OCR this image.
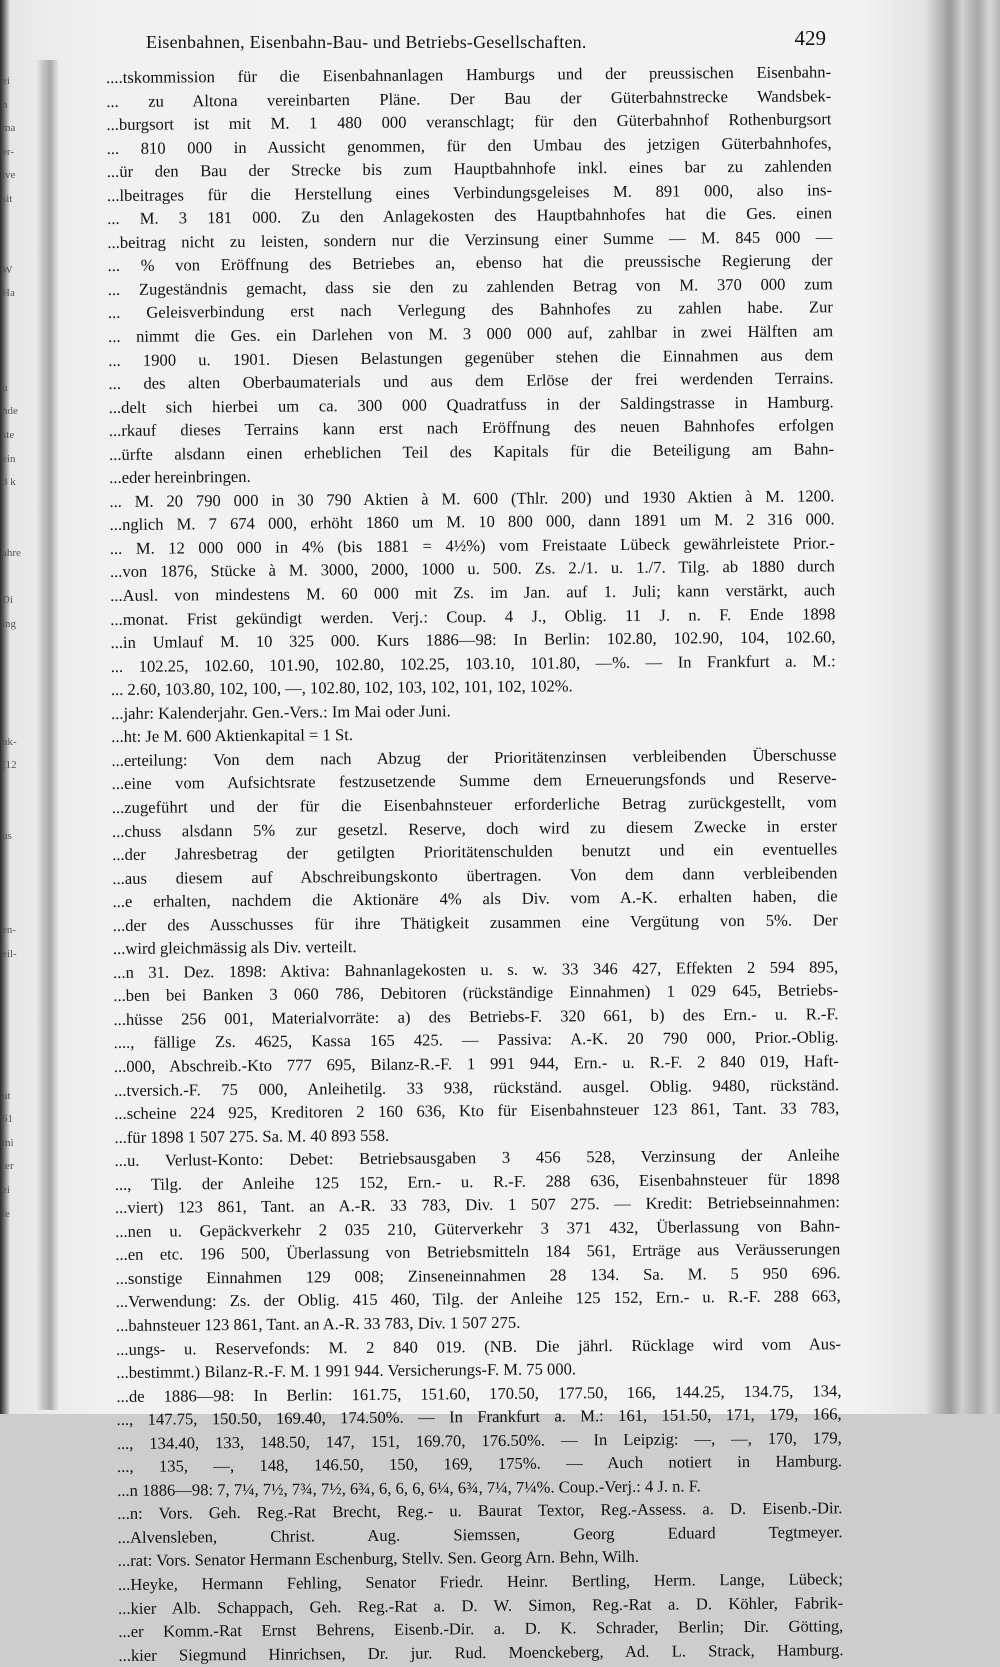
ei
n
ma
er-
lve
sit

W
Ha

u
nde
ste
ein
3 k

ahre

Di
ing

nk-
(12

us

en-
eil-

ut
61
mi
ter
ei
ie

Eisenbahnen, Eisenbahn-Bau- und Betriebs-Gesellschaften.	429
....tskommission für die Eisenbahnanlagen Hamburgs und der preussischen Eisenbahn-
... zu Altona vereinbarten Pläne. Der Bau der Güterbahnstrecke Wandsbek-
...burgsort ist mit M. 1 480 000 veranschlagt; für den Güterbahnhof Rothenburgsort
... 810 000 in Aussicht genommen, für den Umbau des jetzigen Güterbahnhofes,
...ür den Bau der Strecke bis zum Hauptbahnhofe inkl. eines bar zu zahlenden
...lbeitrages für die Herstellung eines Verbindungsgeleises M. 891 000, also ins-
... M. 3 181 000. Zu den Anlagekosten des Hauptbahnhofes hat die Ges. einen
...beitrag nicht zu leisten, sondern nur die Verzinsung einer Summe — M. 845 000 —
... % von Eröffnung des Betriebes an, ebenso hat die preussische Regierung der
... Zugeständnis gemacht, dass sie den zu zahlenden Betrag von M. 370 000 zum
... Geleisverbindung erst nach Verlegung des Bahnhofes zu zahlen habe. Zur
... nimmt die Ges. ein Darlehen von M. 3 000 000 auf, zahlbar in zwei Hälften am
... 1900 u. 1901. Diesen Belastungen gegenüber stehen die Einnahmen aus dem
... des alten Oberbaumaterials und aus dem Erlöse der frei werdenden Terrains.
...delt sich hierbei um ca. 300 000 Quadratfuss in der Saldingstrasse in Hamburg.
...rkauf dieses Terrains kann erst nach Eröffnung des neuen Bahnhofes erfolgen
...ürfte alsdann einen erheblichen Teil des Kapitals für die Beteiligung am Bahn-
...eder hereinbringen.
... M. 20 790 000 in 30 790 Aktien à M. 600 (Thlr. 200) und 1930 Aktien à M. 1200.
...nglich M. 7 674 000, erhöht 1860 um M. 10 800 000, dann 1891 um M. 2 316 000.
... M. 12 000 000 in 4% (bis 1881 = 4½%) vom Freistaate Lübeck gewährleistete Prior.-
...von 1876, Stücke à M. 3000, 2000, 1000 u. 500. Zs. 2./1. u. 1./7. Tilg. ab 1880 durch
...Ausl. von mindestens M. 60 000 mit Zs. im Jan. auf 1. Juli; kann verstärkt, auch
...monat. Frist gekündigt werden. Verj.: Coup. 4 J., Oblig. 11 J. n. F. Ende 1898
...in Umlauf M. 10 325 000. Kurs 1886—98: In Berlin: 102.80, 102.90, 104, 102.60,
... 102.25, 102.60, 101.90, 102.80, 102.25, 103.10, 101.80, —%. — In Frankfurt a. M.:
... 2.60, 103.80, 102, 100, —, 102.80, 102, 103, 102, 101, 102, 102%.
...jahr: Kalenderjahr. Gen.-Vers.: Im Mai oder Juni.
...ht: Je M. 600 Aktienkapital = 1 St.
...erteilung: Von dem nach Abzug der Prioritätenzinsen verbleibenden Überschusse
...eine vom Aufsichtsrate festzusetzende Summe dem Erneuerungsfonds und Reserve-
...zugeführt und der für die Eisenbahnsteuer erforderliche Betrag zurückgestellt, vom
...chuss alsdann 5% zur gesetzl. Reserve, doch wird zu diesem Zwecke in erster
...der Jahresbetrag der getilgten Prioritätenschulden benutzt und ein eventuelles
...aus diesem auf Abschreibungskonto übertragen. Von dem dann verbleibenden
...e erhalten, nachdem die Aktionäre 4% als Div. vom A.-K. erhalten haben, die
...der des Ausschusses für ihre Thätigkeit zusammen eine Vergütung von 5%. Der
...wird gleichmässig als Div. verteilt.
...n 31. Dez. 1898: Aktiva: Bahnanlagekosten u. s. w. 33 346 427, Effekten 2 594 895,
...ben bei Banken 3 060 786, Debitoren (rückständige Einnahmen) 1 029 645, Betriebs-
...hüsse 256 001, Materialvorräte: a) des Betriebs-F. 320 661, b) des Ern.- u. R.-F.
...., fällige Zs. 4625, Kassa 165 425. — Passiva: A.-K. 20 790 000, Prior.-Oblig.
...000, Abschreib.-Kto 777 695, Bilanz-R.-F. 1 991 944, Ern.- u. R.-F. 2 840 019, Haft-
...tversich.-F. 75 000, Anleihetilg. 33 938, rückständ. ausgel. Oblig. 9480, rückständ.
...scheine 224 925, Kreditoren 2 160 636, Kto für Eisenbahnsteuer 123 861, Tant. 33 783,
...für 1898 1 507 275. Sa. M. 40 893 558.
...u. Verlust-Konto: Debet: Betriebsausgaben 3 456 528, Verzinsung der Anleihe
..., Tilg. der Anleihe 125 152, Ern.- u. R.-F. 288 636, Eisenbahnsteuer für 1898
...viert) 123 861, Tant. an A.-R. 33 783, Div. 1 507 275. — Kredit: Betriebseinnahmen:
...nen u. Gepäckverkehr 2 035 210, Güterverkehr 3 371 432, Überlassung von Bahn-
...en etc. 196 500, Überlassung von Betriebsmitteln 184 561, Erträge aus Veräusserungen
...sonstige Einnahmen 129 008; Zinseneinnahmen 28 134. Sa. M. 5 950 696.
...Verwendung: Zs. der Oblig. 415 460, Tilg. der Anleihe 125 152, Ern.- u. R.-F. 288 663,
...bahnsteuer 123 861, Tant. an A.-R. 33 783, Div. 1 507 275.
...ungs- u. Reservefonds: M. 2 840 019. (NB. Die jährl. Rücklage wird vom Aus-
...bestimmt.) Bilanz-R.-F. M. 1 991 944. Versicherungs-F. M. 75 000.
...de 1886—98: In Berlin: 161.75, 151.60, 170.50, 177.50, 166, 144.25, 134.75, 134,
..., 147.75, 150.50, 169.40, 174.50%. — In Frankfurt a. M.: 161, 151.50, 171, 179, 166,
..., 134.40, 133, 148.50, 147, 151, 169.70, 176.50%. — In Leipzig: —, —, 170, 179,
..., 135, —, 148, 146.50, 150, 169, 175%. — Auch notiert in Hamburg.
...n 1886—98: 7, 7¼, 7½, 7¾, 7½, 6¾, 6, 6, 6, 6¼, 6¾, 7¼, 7¼%. Coup.-Verj.: 4 J. n. F.
...n: Vors. Geh. Reg.-Rat Brecht, Reg.- u. Baurat Textor, Reg.-Assess. a. D. Eisenb.-Dir.
...Alvensleben, Christ. Aug. Siemssen, Georg Eduard Tegtmeyer.
...rat: Vors. Senator Hermann Eschenburg, Stellv. Sen. Georg Arn. Behn, Wilh.
...Heyke, Hermann Fehling, Senator Friedr. Heinr. Bertling, Herm. Lange, Lübeck;
...kier Alb. Schappach, Geh. Reg.-Rat a. D. W. Simon, Reg.-Rat a. D. Köhler, Fabrik-
...er Komm.-Rat Ernst Behrens, Eisenb.-Dir. a. D. K. Schrader, Berlin; Dir. Götting,
...kier Siegmund Hinrichsen, Dr. jur. Rud. Moenckeberg, Ad. L. Strack, Hamburg.
